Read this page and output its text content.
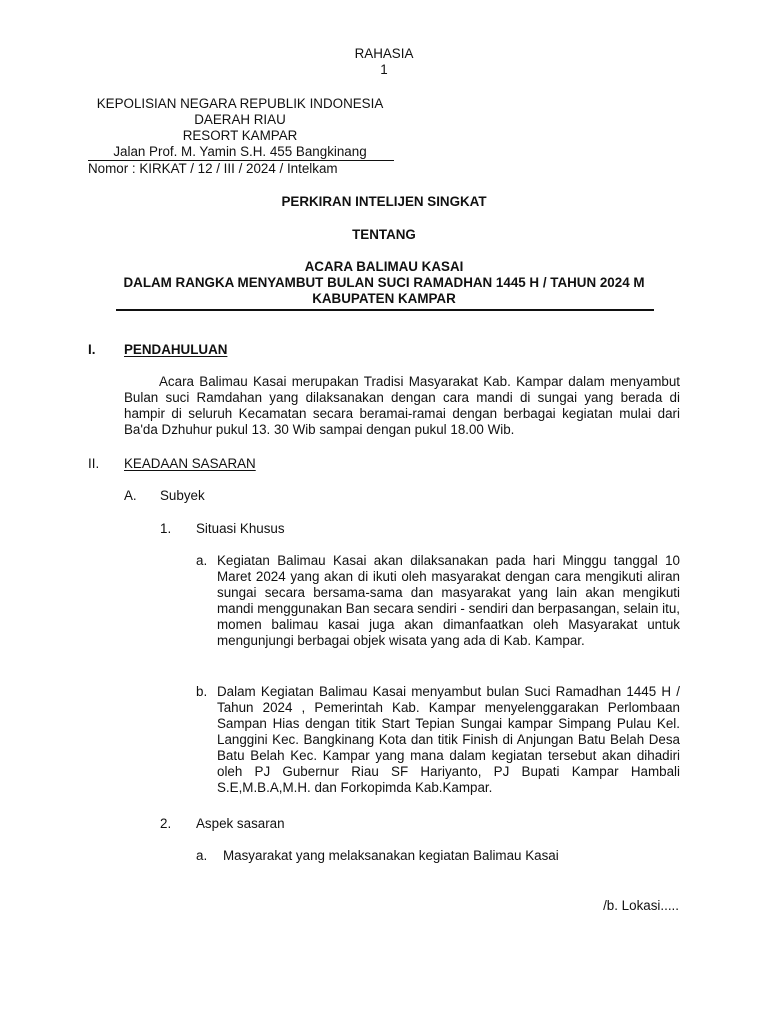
RAHASIA
1
KEPOLISIAN NEGARA REPUBLIK INDONESIA
DAERAH RIAU
RESORT KAMPAR
Jalan Prof. M. Yamin S.H. 455 Bangkinang
Nomor : KIRKAT / 12 / III / 2024 / Intelkam
PERKIRAN INTELIJEN SINGKAT
TENTANG
ACARA BALIMAU KASAI
DALAM RANGKA MENYAMBUT BULAN SUCI RAMADHAN 1445 H / TAHUN 2024 M
KABUPATEN KAMPAR
I. PENDAHULUAN
Acara Balimau Kasai merupakan Tradisi Masyarakat Kab. Kampar dalam menyambut Bulan suci Ramdahan yang dilaksanakan dengan cara mandi di sungai yang berada di hampir di seluruh Kecamatan secara beramai-ramai dengan berbagai kegiatan mulai dari Ba'da Dzhuhur pukul 13. 30 Wib sampai dengan pukul 18.00 Wib.
II. KEADAAN SASARAN
A. Subyek
1. Situasi Khusus
a. Kegiatan Balimau Kasai akan dilaksanakan pada hari Minggu tanggal 10 Maret 2024 yang akan di ikuti oleh masyarakat dengan cara mengikuti aliran sungai secara bersama-sama dan masyarakat yang lain akan mengikuti mandi menggunakan Ban secara sendiri - sendiri dan berpasangan, selain itu, momen balimau kasai juga akan dimanfaatkan oleh Masyarakat untuk mengunjungi berbagai objek wisata yang ada di Kab. Kampar.
b. Dalam Kegiatan Balimau Kasai menyambut bulan Suci Ramadhan 1445 H / Tahun 2024 , Pemerintah Kab. Kampar menyelenggarakan Perlombaan Sampan Hias dengan titik Start Tepian Sungai kampar Simpang Pulau Kel. Langgini Kec. Bangkinang Kota dan titik Finish di Anjungan Batu Belah Desa Batu Belah Kec. Kampar yang mana dalam kegiatan tersebut akan dihadiri oleh PJ Gubernur Riau SF Hariyanto, PJ Bupati Kampar Hambali S.E,M.B.A,M.H. dan Forkopimda Kab.Kampar.
2. Aspek sasaran
a. Masyarakat yang melaksanakan kegiatan Balimau Kasai
/b. Lokasi.....
